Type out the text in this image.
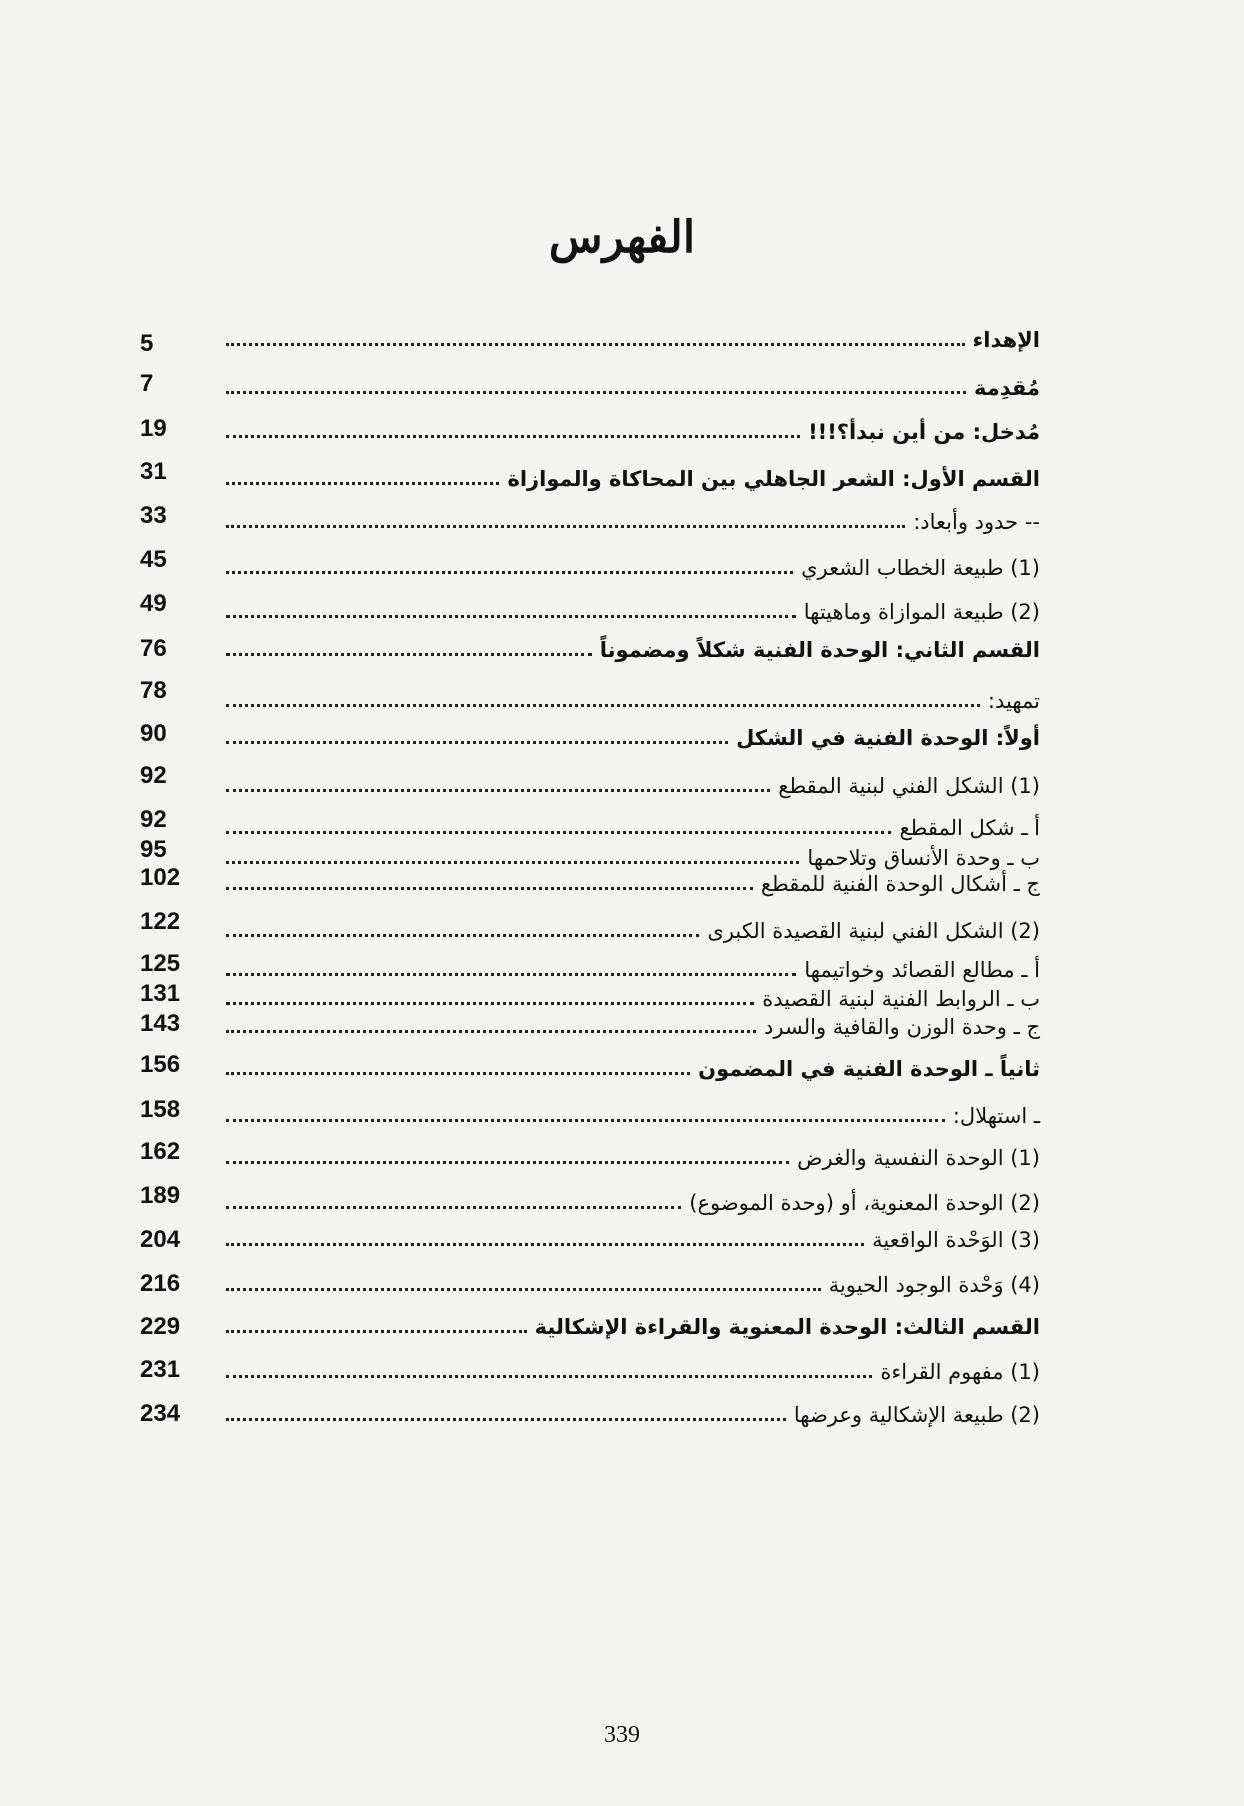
الفهرس
الإهداء
5
مُقدِمة
7
مُدخل: من أين نبدأ؟!!!
19
القسم الأول: الشعر الجاهلي بين المحاكاة والموازاة
31
-- حدود وأبعاد:
33
(1) طبيعة الخطاب الشعري
45
(2) طبيعة الموازاة وماهيتها
49
القسم الثاني: الوحدة الفنية شكلاً ومضموناً
76
تمهيد:
78
أولاً: الوحدة الفنية في الشكل
90
(1) الشكل الفني لبنية المقطع
92
أ ـ شكل المقطع
92
ب ـ وحدة الأنساق وتلاحمها
95
ج ـ أشكال الوحدة الفنية للمقطع
102
(2) الشكل الفني لبنية القصيدة الكبرى
122
أ ـ مطالع القصائد وخواتيمها
125
ب ـ الروابط الفنية لبنية القصيدة
131
ج ـ وحدة الوزن والقافية والسرد
143
ثانياً ـ الوحدة الفنية في المضمون
156
ـ استهلال:
158
(1) الوحدة النفسية والغرض
162
(2) الوحدة المعنوية، أو (وحدة الموضوع)
189
(3) الوَحْدة الواقعية
204
(4) وَحْدة الوجود الحيوية
216
القسم الثالث: الوحدة المعنوية والقراءة الإشكالية
229
(1) مفهوم القراءة
231
(2) طبيعة الإشكالية وعرضها
234
339
